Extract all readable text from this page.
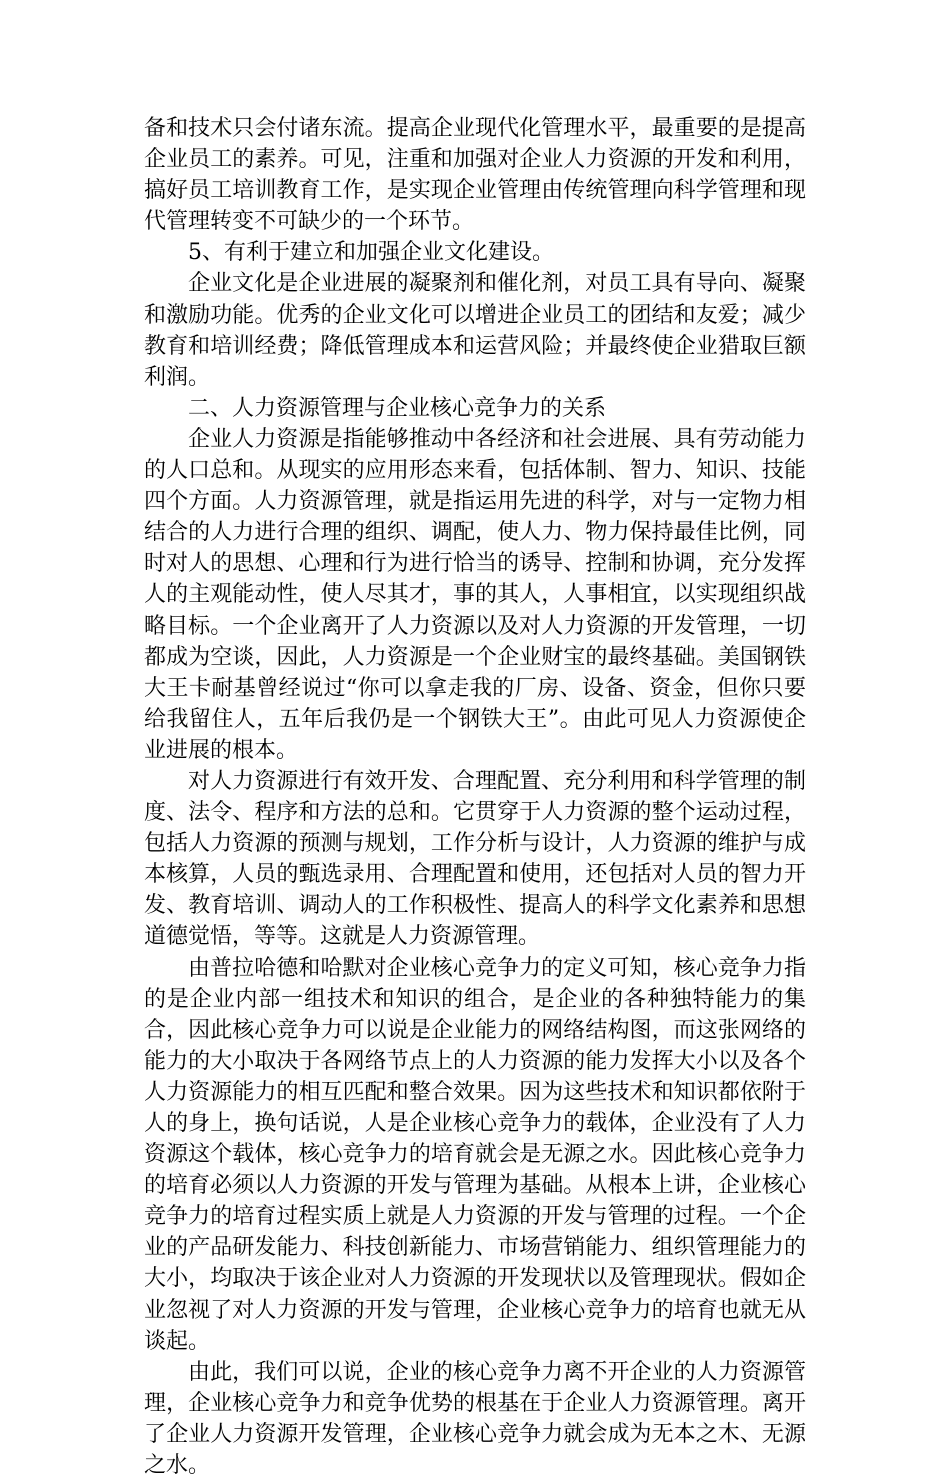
备和技术只会付诸东流。提高企业现代化管理水平，最重要的是提高企业员工的素养。可见，注重和加强对企业人力资源的开发和利用，搞好员工培训教育工作，是实现企业管理由传统管理向科学管理和现代管理转变不可缺少的一个环节。

5、有利于建立和加强企业文化建设。

企业文化是企业进展的凝聚剂和催化剂，对员工具有导向、凝聚和激励功能。优秀的企业文化可以增进企业员工的团结和友爱；减少教育和培训经费；降低管理成本和运营风险；并最终使企业猎取巨额利润。

二、人力资源管理与企业核心竞争力的关系

企业人力资源是指能够推动中各经济和社会进展、具有劳动能力的人口总和。从现实的应用形态来看，包括体制、智力、知识、技能四个方面。人力资源管理，就是指运用先进的科学，对与一定物力相结合的人力进行合理的组织、调配，使人力、物力保持最佳比例，同时对人的思想、心理和行为进行恰当的诱导、控制和协调，充分发挥人的主观能动性，使人尽其才，事的其人，人事相宜，以实现组织战略目标。一个企业离开了人力资源以及对人力资源的开发管理，一切都成为空谈，因此，人力资源是一个企业财宝的最终基础。美国钢铁大王卡耐基曾经说过“你可以拿走我的厂房、设备、资金，但你只要给我留住人，五年后我仍是一个钢铁大王”。由此可见人力资源使企业进展的根本。

对人力资源进行有效开发、合理配置、充分利用和科学管理的制度、法令、程序和方法的总和。它贯穿于人力资源的整个运动过程，包括人力资源的预测与规划，工作分析与设计，人力资源的维护与成本核算，人员的甄选录用、合理配置和使用，还包括对人员的智力开发、教育培训、调动人的工作积极性、提高人的科学文化素养和思想道德觉悟，等等。这就是人力资源管理。

由普拉哈德和哈默对企业核心竞争力的定义可知，核心竞争力指的是企业内部一组技术和知识的组合，是企业的各种独特能力的集合，因此核心竞争力可以说是企业能力的网络结构图，而这张网络的能力的大小取决于各网络节点上的人力资源的能力发挥大小以及各个人力资源能力的相互匹配和整合效果。因为这些技术和知识都依附于人的身上，换句话说，人是企业核心竞争力的载体，企业没有了人力资源这个载体，核心竞争力的培育就会是无源之水。因此核心竞争力的培育必须以人力资源的开发与管理为基础。从根本上讲，企业核心竞争力的培育过程实质上就是人力资源的开发与管理的过程。一个企业的产品研发能力、科技创新能力、市场营销能力、组织管理能力的大小，均取决于该企业对人力资源的开发现状以及管理现状。假如企业忽视了对人力资源的开发与管理，企业核心竞争力的培育也就无从谈起。

由此，我们可以说，企业的核心竞争力离不开企业的人力资源管理，企业核心竞争力和竞争优势的根基在于企业人力资源管理。离开了企业人力资源开发管理，企业核心竞争力就会成为无本之木、无源之水。
